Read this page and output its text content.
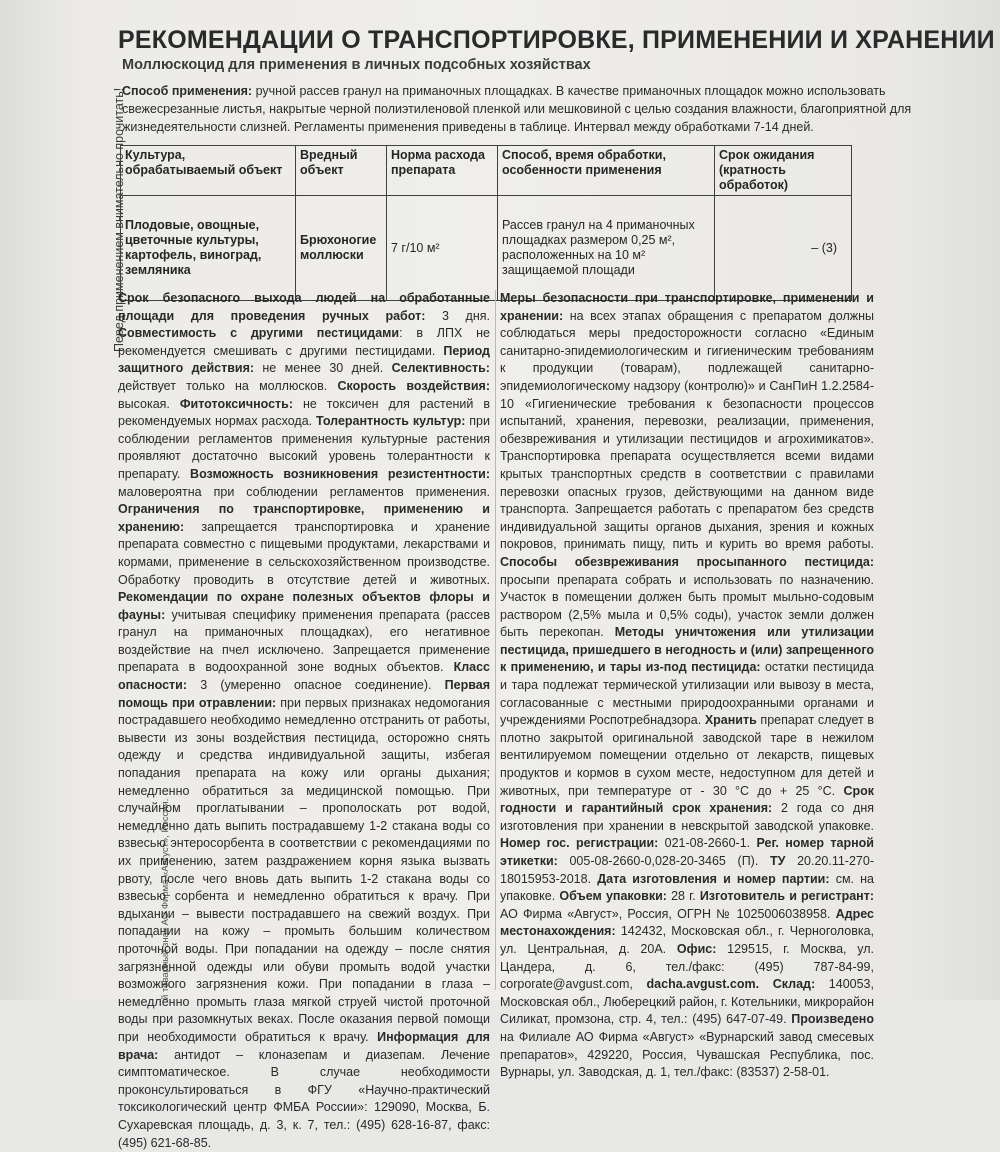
Перед применением внимательно прочитать!
й товарный знак АО Фирма «Август», Россия.
РЕКОМЕНДАЦИИ О ТРАНСПОРТИРОВКЕ, ПРИМЕНЕНИИ И ХРАНЕНИИ
Моллюскоцид для применения в личных подсобных хозяйствах
Способ применения: ручной рассев гранул на приманочных площадках. В качестве приманочных площадок можно использовать свежесрезанные листья, накрытые черной полиэтиленовой пленкой или мешковиной с целью создания влажности, благоприятной для жизнедеятельности слизней. Регламенты применения приведены в таблице. Интервал между обработками 7-14 дней.
Культура, обрабатываемый объект	Вредный объект	Норма расхода препарата	Способ, время обработки, особенности применения	Срок ожидания (кратность обработок)
Плодовые, овощные, цветочные культуры, картофель, виноград, земляника	Брюхоногие моллюски	7 г/10 м²	Рассев гранул на 4 приманочных площадках размером 0,25 м², расположенных на 10 м² защищаемой площади	– (3)

Срок безопасного выхода людей на обработанные площади для проведения ручных работ: 3 дня. Совместимость с другими пестицидами: в ЛПХ не рекомендуется смешивать с другими пестицидами. Период защитного действия: не менее 30 дней. Селективность: действует только на моллюсков. Скорость воздействия: высокая. Фитотоксичность: не токсичен для растений в рекомендуемых нормах расхода. Толерантность культур: при соблюдении регламентов применения культурные растения проявляют достаточно высокий уровень толерантности к препарату. Возможность возникновения резистентности: маловероятна при соблюдении регламентов применения. Ограничения по транспортировке, применению и хранению: запрещается транспортировка и хранение препарата совместно с пищевыми продуктами, лекарствами и кормами, применение в сельскохозяйственном производстве. Обработку проводить в отсутствие детей и животных. Рекомендации по охране полезных объектов флоры и фауны: учитывая специфику применения препарата (рассев гранул на приманочных площадках), его негативное воздействие на пчел исключено. Запрещается применение препарата в водоохранной зоне водных объектов. Класс опасности: 3 (умеренно опасное соединение). Первая помощь при отравлении: при первых признаках недомогания пострадавшего необходимо немедленно отстранить от работы, вывести из зоны воздействия пестицида, осторожно снять одежду и средства индивидуальной защиты, избегая попадания препарата на кожу или органы дыхания; немедленно обратиться за медицинской помощью. При случайном проглатывании – прополоскать рот водой, немедленно дать выпить пострадавшему 1-2 стакана воды со взвесью энтеросорбента в соответствии с рекомендациями по их применению, затем раздражением корня языка вызвать рвоту, после чего вновь дать выпить 1-2 стакана воды со взвесью сорбента и немедленно обратиться к врачу. При вдыхании – вывести пострадавшего на свежий воздух. При попадании на кожу – промыть большим количеством проточной воды. При попадании на одежду – после снятия загрязненной одежды или обуви промыть водой участки возможного загрязнения кожи. При попадании в глаза – немедленно промыть глаза мягкой струей чистой проточной воды при разомкнутых веках. После оказания первой помощи при необходимости обратиться к врачу. Информация для врача: антидот – клоназепам и диазепам. Лечение симптоматическое. В случае необходимости проконсультироваться в ФГУ «Научно-практический токсикологический центр ФМБА России»: 129090, Москва, Б. Сухаревская площадь, д. 3, к. 7, тел.: (495) 628-16-87, факс: (495) 621-68-85.

Меры безопасности при транспортировке, применении и хранении: на всех этапах обращения с препаратом должны соблюдаться меры предосторожности согласно «Единым санитарно-эпидемиологическим и гигиеническим требованиям к продукции (товарам), подлежащей санитарно-эпидемиологическому надзору (контролю)» и СанПиН 1.2.2584-10 «Гигиенические требования к безопасности процессов испытаний, хранения, перевозки, реализации, применения, обезвреживания и утилизации пестицидов и агрохимикатов». Транспортировка препарата осуществляется всеми видами крытых транспортных средств в соответствии с правилами перевозки опасных грузов, действующими на данном виде транспорта. Запрещается работать с препаратом без средств индивидуальной защиты органов дыхания, зрения и кожных покровов, принимать пищу, пить и курить во время работы. Способы обезвреживания просыпанного пестицида: просыпи препарата собрать и использовать по назначению. Участок в помещении должен быть промыт мыльно-содовым раствором (2,5% мыла и 0,5% соды), участок земли должен быть перекопан. Методы уничтожения или утилизации пестицида, пришедшего в негодность и (или) запрещенного к применению, и тары из-под пестицида: остатки пестицида и тара подлежат термической утилизации или вывозу в места, согласованные с местными природоохранными органами и учреждениями Роспотребнадзора. Хранить препарат следует в плотно закрытой оригинальной заводской таре в нежилом вентилируемом помещении отдельно от лекарств, пищевых продуктов и кормов в сухом месте, недоступном для детей и животных, при температуре от - 30 °С до + 25 °С. Срок годности и гарантийный срок хранения: 2 года со дня изготовления при хранении в невскрытой заводской упаковке. Номер гос. регистрации: 021-08-2660-1. Рег. номер тарной этикетки: 005-08-2660-0,028-20-3465 (П). ТУ 20.20.11-270-18015953-2018. Дата изготовления и номер партии: см. на упаковке. Объем упаковки: 28 г. Изготовитель и регистрант: АО Фирма «Август», Россия, ОГРН № 1025006038958. Адрес местонахождения: 142432, Московская обл., г. Черноголовка, ул. Центральная, д. 20А. Офис: 129515, г. Москва, ул. Цандера, д. 6, тел./факс: (495) 787-84-99, corporate@avgust.com, dacha.avgust.com. Склад: 140053, Московская обл., Люберецкий район, г. Котельники, микрорайон Силикат, промзона, стр. 4, тел.: (495) 647-07-49. Произведено на Филиале АО Фирма «Август» «Вурнарский завод смесевых препаратов», 429220, Россия, Чувашская Республика, пос. Вурнары, ул. Заводская, д. 1, тел./факс: (83537) 2-58-01.
